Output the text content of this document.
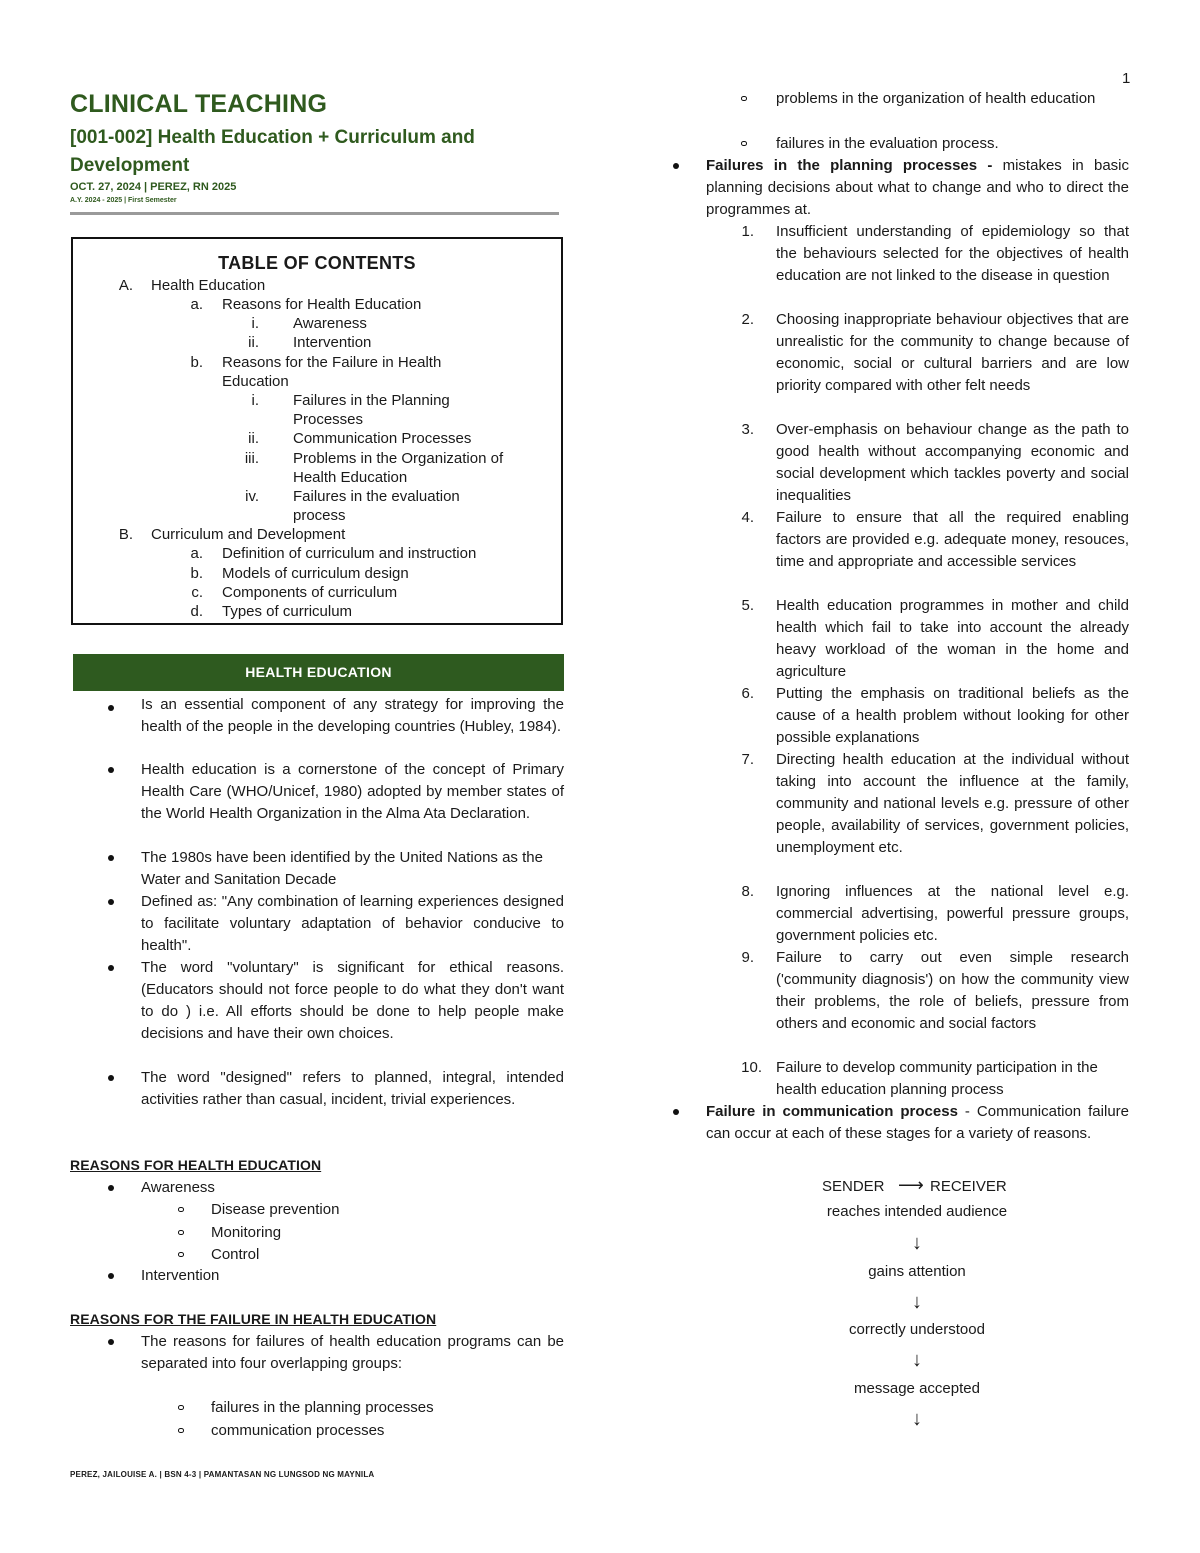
1
CLINICAL TEACHING
[001-002] Health Education + Curriculum and Development
OCT. 27, 2024 | PEREZ, RN 2025
A.Y. 2024 - 2025 | First Semester
TABLE OF CONTENTS
A. Health Education
a. Reasons for Health Education
i. Awareness
ii. Intervention
b. Reasons for the Failure in Health
Education
i. Failures in the Planning
Processes
ii. Communication Processes
iii. Problems in the Organization of
Health Education
iv. Failures in the evaluation
process
B. Curriculum and Development
a. Definition of curriculum and instruction
b. Models of curriculum design
c. Components of curriculum
d. Types of curriculum
HEALTH EDUCATION

Is an essential component of any strategy for improving the health of the people in the developing countries (Hubley, 1984).

Health education is a cornerstone of the concept of Primary Health Care (WHO/Unicef, 1980) adopted by member states of the World Health Organization in the Alma Ata Declaration.

The 1980s have been identified by the United Nations as the Water and Sanitation Decade

Defined as: "Any combination of learning experiences designed to facilitate voluntary adaptation of behavior conducive to health".

The word "voluntary" is significant for ethical reasons. (Educators should not force people to do what they don't want to do ) i.e. All efforts should be done to help people make decisions and have their own choices.

The word "designed" refers to planned, integral, intended activities rather than casual, incident, trivial experiences.

REASONS FOR HEALTH EDUCATION
Awareness
Disease prevention
Monitoring
Control
Intervention
REASONS FOR THE FAILURE IN HEALTH EDUCATION

The reasons for failures of health education programs can be separated into four overlapping groups:

failures in the planning processes
communication processes

problems in the organization of health education

failures in the evaluation process.

Failures in the planning processes - mistakes in basic planning decisions about what to change and who to direct the programmes at.

1. Insufficient understanding of epidemiology so that the behaviours selected for the objectives of health education are not linked to the disease in question

2. Choosing inappropriate behaviour objectives that are unrealistic for the community to change because of economic, social or cultural barriers and are low priority compared with other felt needs

3. Over-emphasis on behaviour change as the path to good health without accompanying economic and social development which tackles poverty and social inequalities

4. Failure to ensure that all the required enabling factors are provided e.g. adequate money, resouces, time and appropriate and accessible services

5. Health education programmes in mother and child health which fail to take into account the already heavy workload of the woman in the home and agriculture

6. Putting the emphasis on traditional beliefs as the cause of a health problem without looking for other possible explanations

7. Directing health education at the individual without taking into account the influence at the family, community and national levels e.g. pressure of other people, availability of services, government policies, unemployment etc.

8. Ignoring influences at the national level e.g. commercial advertising, powerful pressure groups, government policies etc.

9. Failure to carry out even simple research ('community diagnosis') on how the community view their problems, the role of beliefs, pressure from others and economic and social factors

10. Failure to develop community participation in the health education planning process

Failure in communication process - Communication failure can occur at each of these stages for a variety of reasons.

SENDER ⟶ RECEIVER
reaches intended audience
↓
gains attention
↓
correctly understood
↓
message accepted
↓
PEREZ, JAILOUISE A. | BSN 4-3 | PAMANTASAN NG LUNGSOD NG MAYNILA
